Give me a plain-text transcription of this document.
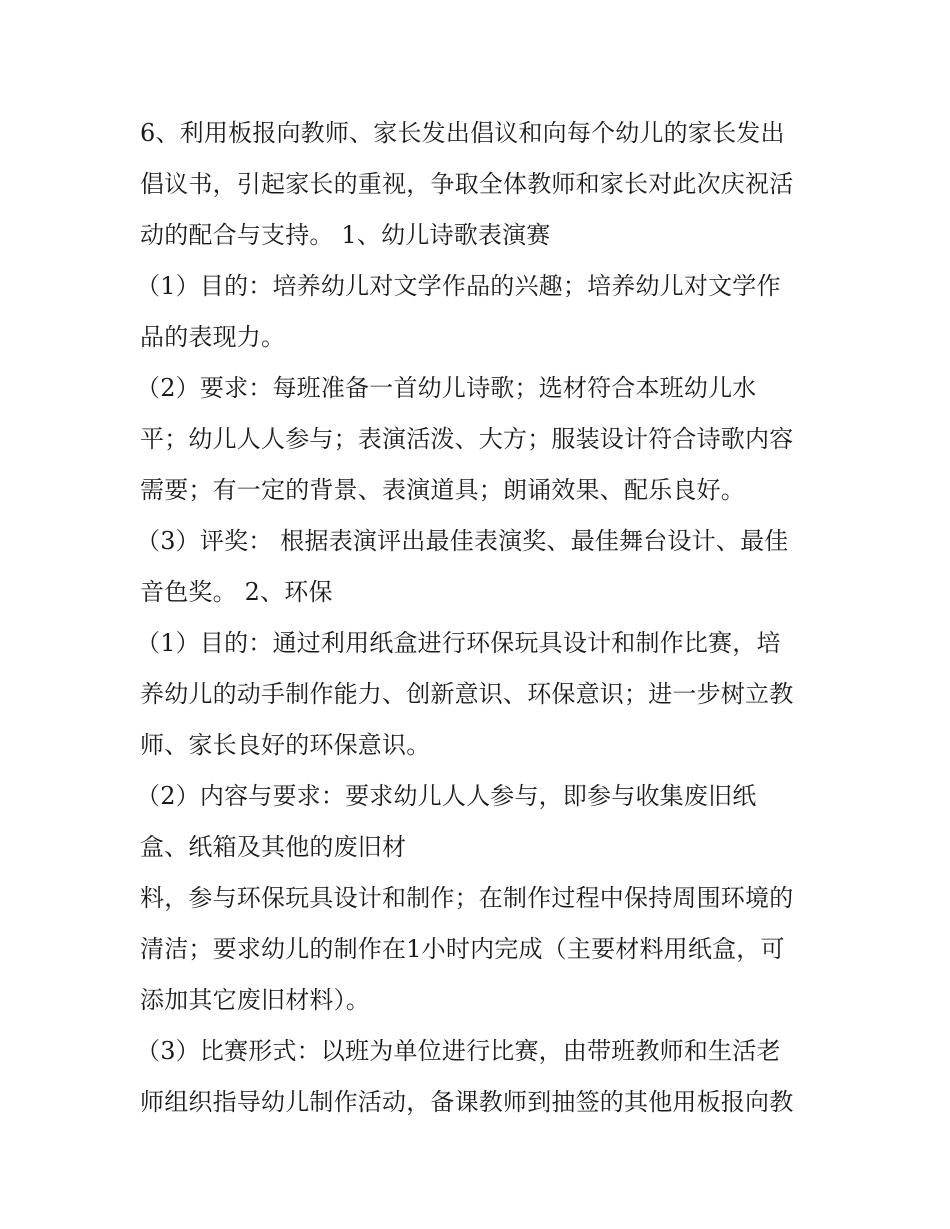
6、利用板报向教师、家长发出倡议和向每个幼儿的家长发出
倡议书，引起家长的重视，争取全体教师和家长对此次庆祝活
动的配合与支持。 1、幼儿诗歌表演赛
（1）目的：培养幼儿对文学作品的兴趣；培养幼儿对文学作
品的表现力。
（2）要求：每班准备一首幼儿诗歌；选材符合本班幼儿水
平；幼儿人人参与；表演活泼、大方；服装设计符合诗歌内容
需要；有一定的背景、表演道具；朗诵效果、配乐良好。
（3）评奖： 根据表演评出最佳表演奖、最佳舞台设计、最佳
音色奖。 2、环保
（1）目的：通过利用纸盒进行环保玩具设计和制作比赛，培
养幼儿的动手制作能力、创新意识、环保意识；进一步树立教
师、家长良好的环保意识。
（2）内容与要求：要求幼儿人人参与，即参与收集废旧纸
盒、纸箱及其他的废旧材
料，参与环保玩具设计和制作；在制作过程中保持周围环境的
清洁；要求幼儿的制作在1小时内完成（主要材料用纸盒，可
添加其它废旧材料）。
（3）比赛形式：以班为单位进行比赛，由带班教师和生活老
师组织指导幼儿制作活动，备课教师到抽签的其他用板报向教
